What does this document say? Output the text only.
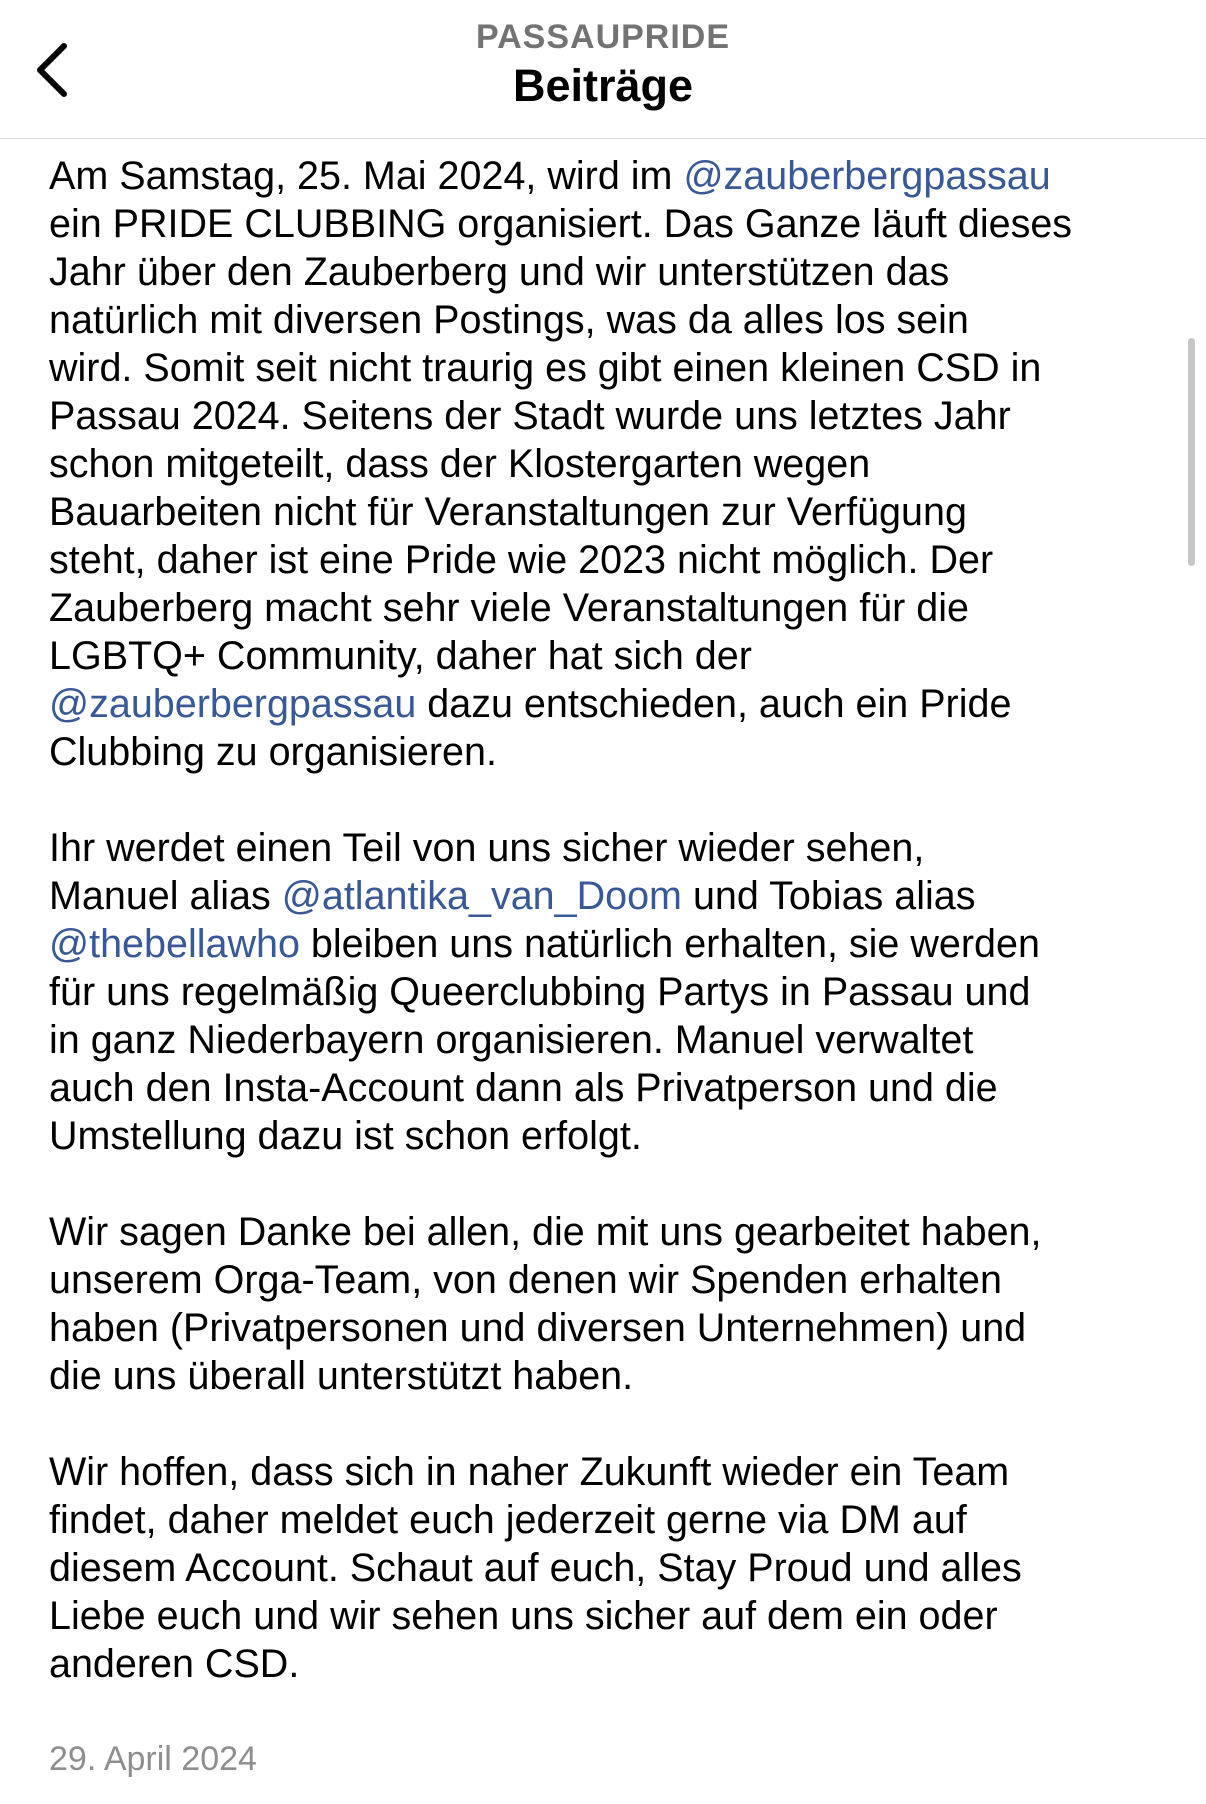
PASSAUPRIDE
Beiträge

Am Samstag, 25. Mai 2024, wird im @zauberbergpassau
ein PRIDE CLUBBING organisiert. Das Ganze läuft dieses
Jahr über den Zauberberg und wir unterstützen das
natürlich mit diversen Postings, was da alles los sein
wird. Somit seit nicht traurig es gibt einen kleinen CSD in
Passau 2024. Seitens der Stadt wurde uns letztes Jahr
schon mitgeteilt, dass der Klostergarten wegen
Bauarbeiten nicht für Veranstaltungen zur Verfügung
steht, daher ist eine Pride wie 2023 nicht möglich. Der
Zauberberg macht sehr viele Veranstaltungen für die
LGBTQ+ Community, daher hat sich der
@zauberbergpassau dazu entschieden, auch ein Pride
Clubbing zu organisieren.

Ihr werdet einen Teil von uns sicher wieder sehen,
Manuel alias @atlantika_van_Doom und Tobias alias
@thebellawho bleiben uns natürlich erhalten, sie werden
für uns regelmäßig Queerclubbing Partys in Passau und
in ganz Niederbayern organisieren. Manuel verwaltet
auch den Insta-Account dann als Privatperson und die
Umstellung dazu ist schon erfolgt.

Wir sagen Danke bei allen, die mit uns gearbeitet haben,
unserem Orga-Team, von denen wir Spenden erhalten
haben (Privatpersonen und diversen Unternehmen) und
die uns überall unterstützt haben.

Wir hoffen, dass sich in naher Zukunft wieder ein Team
findet, daher meldet euch jederzeit gerne via DM auf
diesem Account. Schaut auf euch, Stay Proud und alles
Liebe euch und wir sehen uns sicher auf dem ein oder
anderen CSD.

29. April 2024
